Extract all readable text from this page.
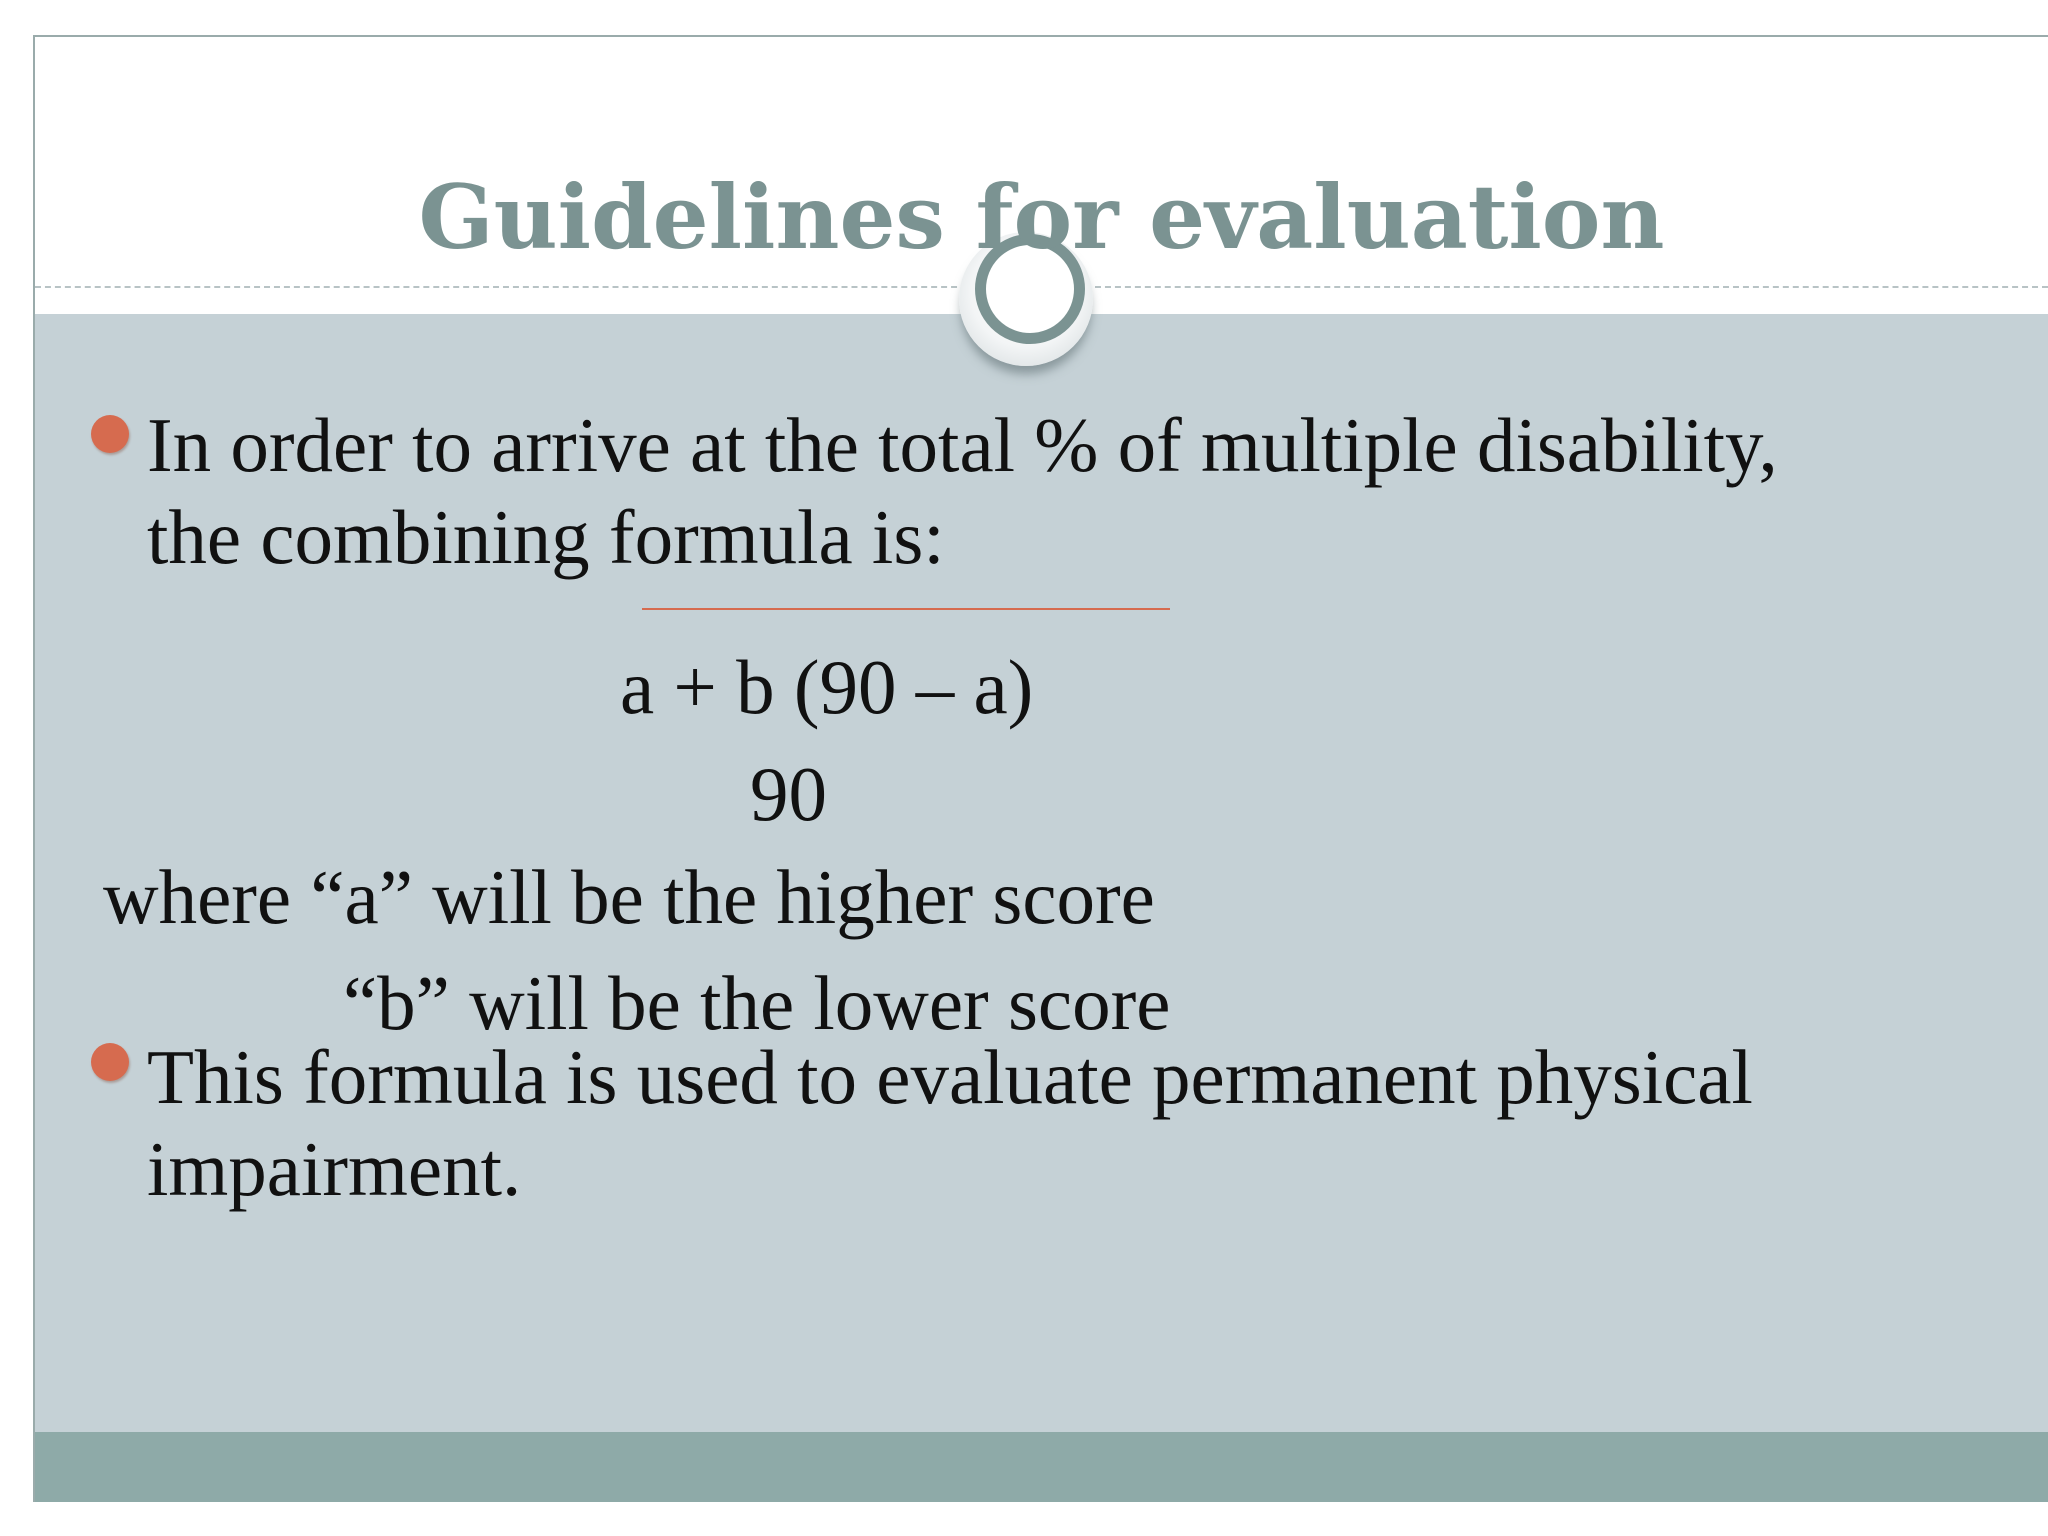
Guidelines for evaluation
In order to arrive at the total % of multiple disability,
the combining formula is:
a + b (90 – a)
90
where “a” will be the higher score
“b” will be the lower score
This formula is used to evaluate permanent physical
impairment.
